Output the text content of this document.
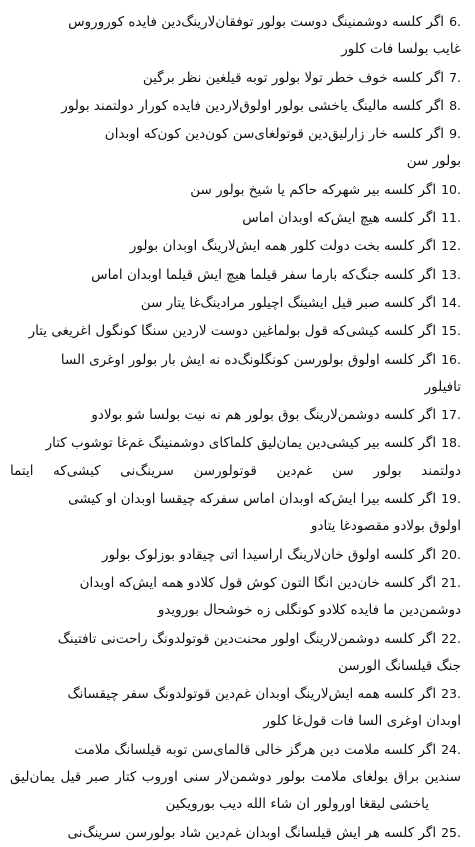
6.اگر کلسه دوشمنینگ دوست بولور توفقان‌لارینگ‌دین فایده کوروروس
غایب بولسا فات کلور
7.اگر کلسه خوف خطر تولا بولور توبه قیلغین نظر برگین
8.اگر کلسه مالینگ یاخشی بولور اولوق‌لاردین فایده کورار دولتمند بولور
9.اگر کلسه خار زارلیق‌دین قوتولغای‌سن کون‌دین کون‌که اوبدان
بولور سن
10.اگر کلسه بیر شهرکه حاکم یا شیخ بولور سن
11.اگر کلسه هیچ ایش‌که اوبدان اماس
12.اگر کلسه بخت دولت کلور همه ایش‌لارینگ اوبدان بولور
13.اگر کلسه جنگ‌که بارما سفر قیلما هیچ ایش قیلما اوبدان اماس
14.اگر کلسه صبر قیل ایشینگ اچیلور مرادینگ‌غا یتار سن
15.اگر کلسه کیشی‌که قول بولماغین دوست لاردین سنگا کونگول اغریغی یتار
16.اگر کلسه اولوق بولورسن کونگلونگ‌ده نه ایش بار بولور اوغری السا
تافیلور
17.اگر کلسه دوشمن‌لارینگ بوق بولور هم نه نیت بولسا شو بولادو
18.اگر کلسه بیر کیشی‌دین یمان‌لیق کلماکای دوشمنینگ غم‌غا توشوب کتار
دولتمند بولور سن غم‌دین قوتولورسن سرینگ‌نی کیشی‌که ایتما
19.اگر کلسه بیرا ایش‌که اوبدان اماس سفرکه چیقسا اوبدان او کیشی
اولوق بولادو مقصودغا یتادو
20.اگر کلسه اولوق خان‌لارینگ اراسیدا اتی چیقادو بوزلوک بولور
21.اگر کلسه خان‌دین انگا التون کوش قول کلادو همه ایش‌که اوبدان
دوشمن‌دین ما فایده کلادو کونگلی زه خوشحال بورویدو
22.اگر کلسه دوشمن‌لارینگ اولور محنت‌دین قوتولدونگ راحت‌نی تافتینگ
جنگ قیلسانگ الورسن
23.اگر کلسه همه ایش‌لارینگ اوبدان غم‌دین قوتولدونگ سفر چیقسانگ
اوبدان اوغری السا فات قول‌غا کلور
24.اگر کلسه ملامت دین هرگز خالی قالمای‌سن توبه قیلسانگ ملامت
سندین براق بولغای ملامت بولور دوشمن‌لار سنی اوروب کتار صبر قیل یمان‌لیق
یاخشی لیقغا اورولور ان شاء الله دیب بورویکین
25.اگر کلسه هر ایش قیلسانگ اوبدان غم‌دین شاد بولورسن سرینگ‌نی
